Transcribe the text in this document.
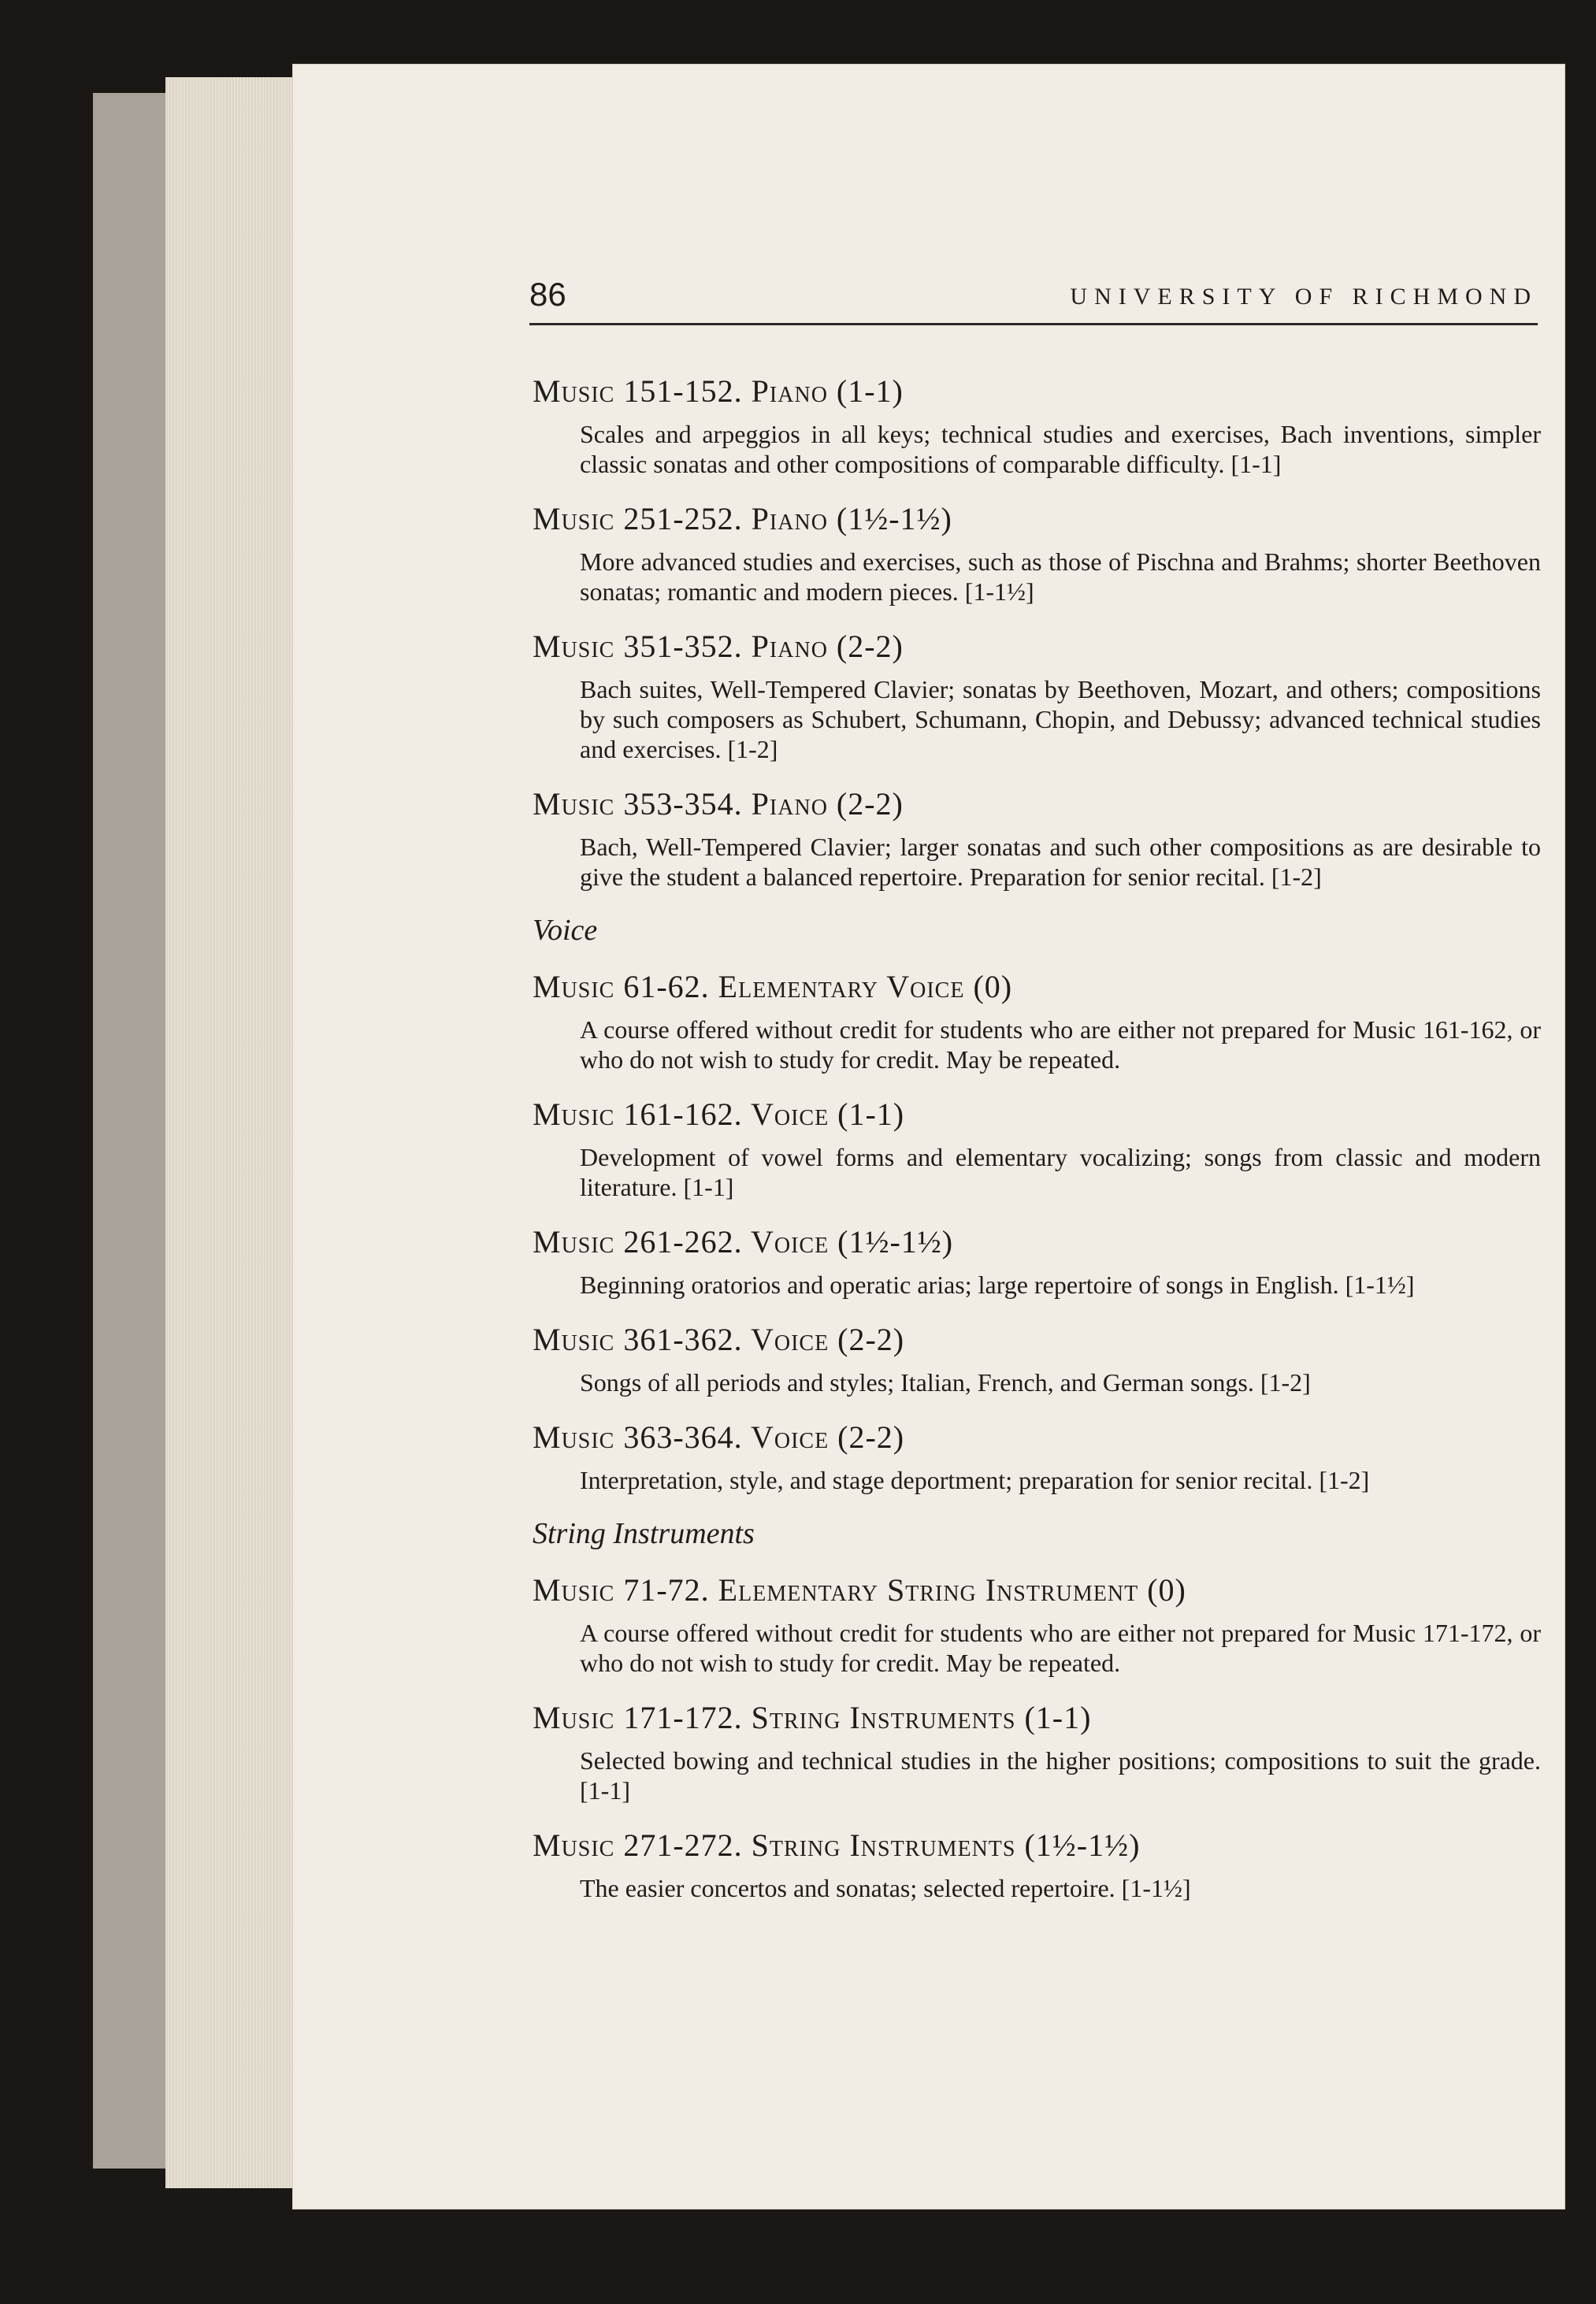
86	UNIVERSITY OF RICHMOND
Music 151-152. Piano (1-1)
Scales and arpeggios in all keys; technical studies and exercises, Bach inventions, simpler classic sonatas and other compositions of comparable difficulty. [1-1]
Music 251-252. Piano (1½-1½)
More advanced studies and exercises, such as those of Pischna and Brahms; shorter Beethoven sonatas; romantic and modern pieces. [1-1½]
Music 351-352. Piano (2-2)
Bach suites, Well-Tempered Clavier; sonatas by Beethoven, Mozart, and others; compositions by such composers as Schubert, Schumann, Chopin, and Debussy; advanced technical studies and exercises. [1-2]
Music 353-354. Piano (2-2)
Bach, Well-Tempered Clavier; larger sonatas and such other compositions as are desirable to give the student a balanced repertoire. Preparation for senior recital. [1-2]
Voice
Music 61-62. Elementary Voice (0)
A course offered without credit for students who are either not prepared for Music 161-162, or who do not wish to study for credit. May be repeated.
Music 161-162. Voice (1-1)
Development of vowel forms and elementary vocalizing; songs from classic and modern literature. [1-1]
Music 261-262. Voice (1½-1½)
Beginning oratorios and operatic arias; large repertoire of songs in English. [1-1½]
Music 361-362. Voice (2-2)
Songs of all periods and styles; Italian, French, and German songs. [1-2]
Music 363-364. Voice (2-2)
Interpretation, style, and stage deportment; preparation for senior recital. [1-2]
String Instruments
Music 71-72. Elementary String Instrument (0)
A course offered without credit for students who are either not prepared for Music 171-172, or who do not wish to study for credit. May be repeated.
Music 171-172. String Instruments (1-1)
Selected bowing and technical studies in the higher positions; compositions to suit the grade. [1-1]
Music 271-272. String Instruments (1½-1½)
The easier concertos and sonatas; selected repertoire. [1-1½]
